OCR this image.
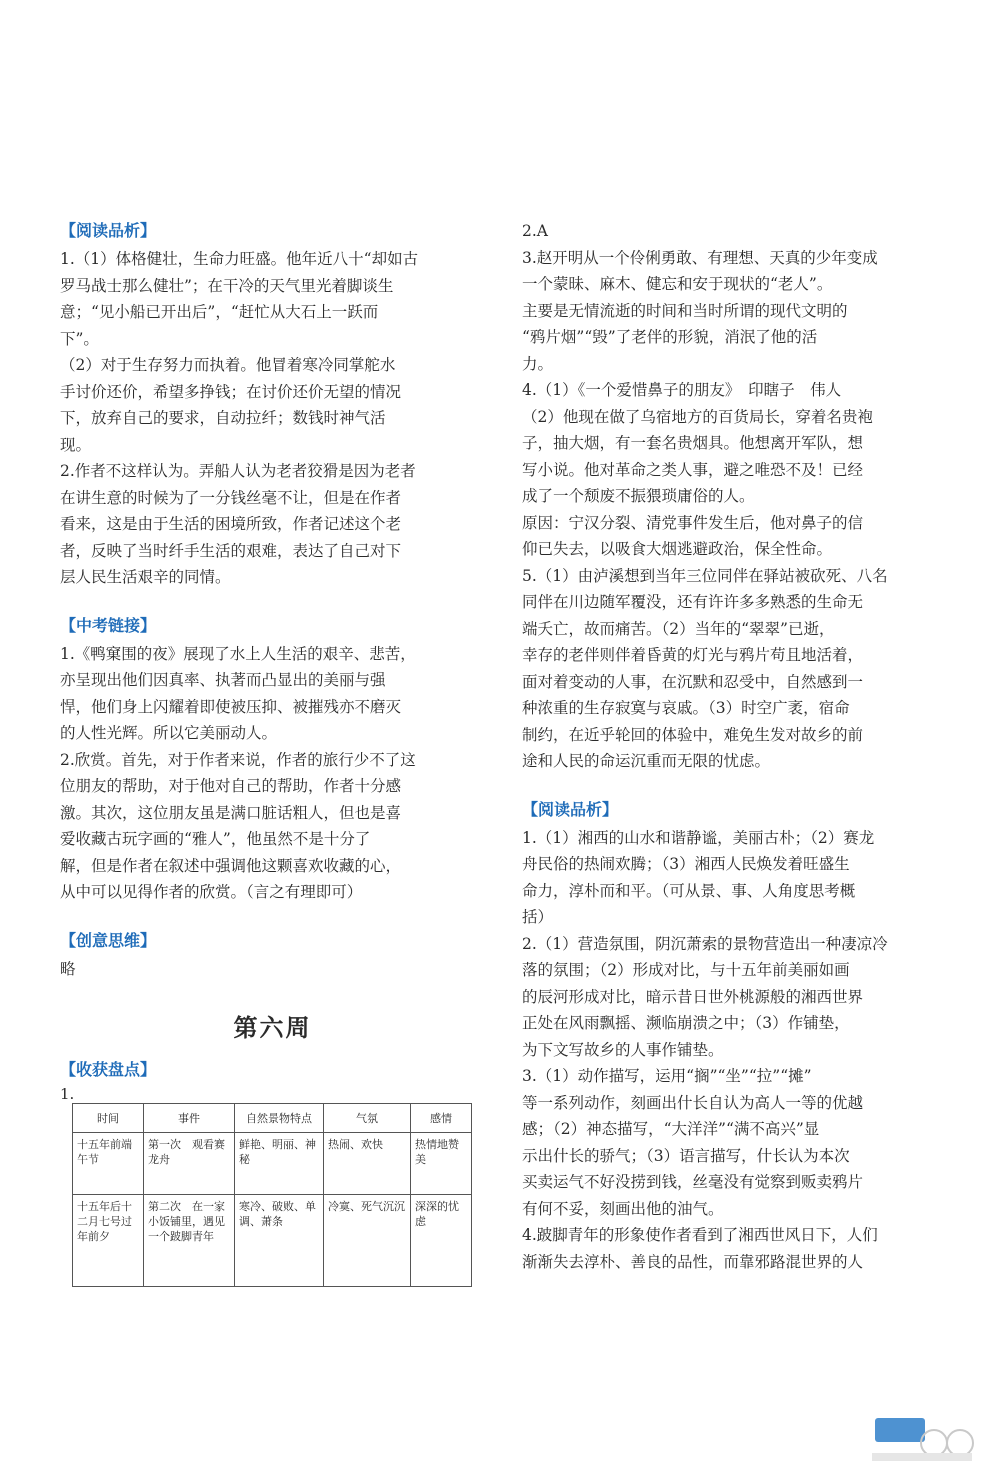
【阅读品析】
1.（1）体格健壮，生命力旺盛。他年近八十“却如古
罗马战士那么健壮”；在干冷的天气里光着脚谈生
意；“见小船已开出后”，“赶忙从大石上一跃而
下”。
（2）对于生存努力而执着。他冒着寒冷同掌舵水
手讨价还价，希望多挣钱；在讨价还价无望的情况
下，放弃自己的要求，自动拉纤；数钱时神气活
现。
2.作者不这样认为。弄船人认为老者狡猾是因为老者
在讲生意的时候为了一分钱丝毫不让，但是在作者
看来，这是由于生活的困境所致，作者记述这个老
者，反映了当时纤手生活的艰难，表达了自己对下
层人民生活艰辛的同情。
【中考链接】
1.《鸭窠围的夜》展现了水上人生活的艰辛、悲苦，
亦呈现出他们因真率、执著而凸显出的美丽与强
悍，他们身上闪耀着即使被压抑、被摧残亦不磨灭
的人性光辉。所以它美丽动人。
2.欣赏。首先，对于作者来说，作者的旅行少不了这
位朋友的帮助，对于他对自己的帮助，作者十分感
激。其次，这位朋友虽是满口脏话粗人，但也是喜
爱收藏古玩字画的“雅人”，他虽然不是十分了
解，但是作者在叙述中强调他这颗喜欢收藏的心，
从中可以见得作者的欣赏。（言之有理即可）
【创意思维】
略
第六周
【收获盘点】
1.
时间	事件	自然景物特点	气氛	感情
十五年前端午节	第一次　观看赛龙舟	鲜艳、明丽、神秘	热闹、欢快	热情地赞美
十五年后十二月七号过年前夕	第二次　在一家小饭铺里，遇见一个跛脚青年	寒冷、破败、单调、萧条	冷寞、死气沉沉	深深的忧虑
2.A
3.赵开明从一个伶俐勇敢、有理想、天真的少年变成
一个蒙昧、麻木、健忘和安于现状的“老人”。
主要是无情流逝的时间和当时所谓的现代文明的
“鸦片烟”“毁”了老伴的形貌，消泯了他的活
力。
4.（1）《一个爱惜鼻子的朋友》　印瞎子　伟人
（2）他现在做了乌宿地方的百货局长，穿着名贵袍
子，抽大烟，有一套名贵烟具。他想离开军队，想
写小说。他对革命之类人事，避之唯恐不及！已经
成了一个颓废不振猥琐庸俗的人。
原因：宁汉分裂、清党事件发生后，他对鼻子的信
仰已失去，以吸食大烟逃避政治，保全性命。
5.（1）由泸溪想到当年三位同伴在驿站被砍死、八名
同伴在川边随军覆没，还有许许多多熟悉的生命无
端夭亡，故而痛苦。（2）当年的“翠翠”已逝，
幸存的老伴则伴着昏黄的灯光与鸦片苟且地活着，
面对着变动的人事，在沉默和忍受中，自然感到一
种浓重的生存寂寞与哀戚。（3）时空广袤，宿命
制约，在近乎轮回的体验中，难免生发对故乡的前
途和人民的命运沉重而无限的忧虑。
【阅读品析】
1.（1）湘西的山水和谐静谧，美丽古朴；（2）赛龙
舟民俗的热闹欢腾；（3）湘西人民焕发着旺盛生
命力，淳朴而和平。（可从景、事、人角度思考概
括）
2.（1）营造氛围，阴沉萧索的景物营造出一种凄凉冷
落的氛围；（2）形成对比，与十五年前美丽如画
的辰河形成对比，暗示昔日世外桃源般的湘西世界
正处在风雨飘摇、濒临崩溃之中；（3）作铺垫，
为下文写故乡的人事作铺垫。
3.（1）动作描写，运用“搁”“坐”“拉”“摊”
等一系列动作，刻画出什长自认为高人一等的优越
感；（2）神态描写，“大洋洋”“满不高兴”显
示出什长的骄气；（3）语言描写，什长认为本次
买卖运气不好没捞到钱，丝毫没有觉察到贩卖鸦片
有何不妥，刻画出他的油气。
4.跛脚青年的形象使作者看到了湘西世风日下，人们
渐渐失去淳朴、善良的品性，而靠邪路混世界的人
